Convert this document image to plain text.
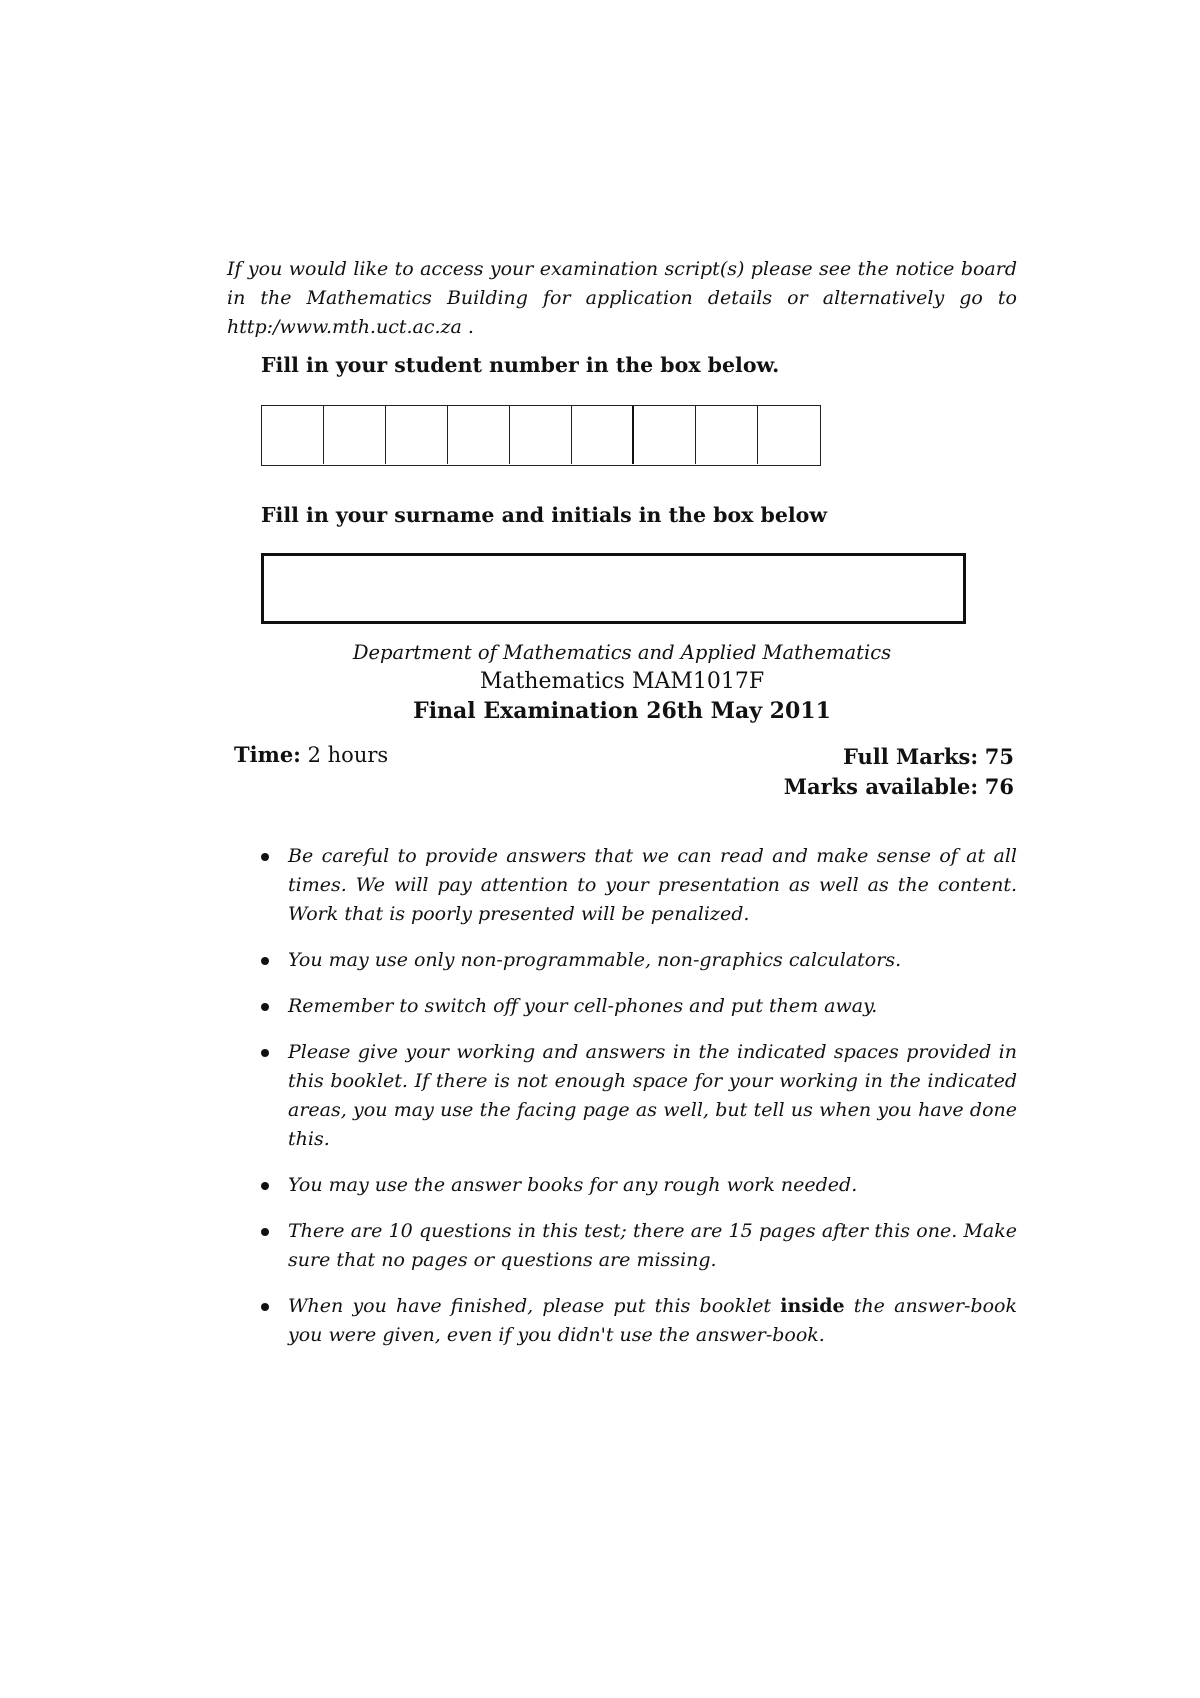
If you would like to access your examination script(s) please see the notice board in the Mathematics Building for application details or alternatively go to http:/www.mth.uct.ac.za .

Fill in your student number in the box below.

Fill in your surname and initials in the box below

Department of Mathematics and Applied Mathematics

Mathematics MAM1017F

Final Examination 26th May 2011

Time: 2 hours	Full Marks: 75
Marks available: 76
Be careful to provide answers that we can read and make sense of at all times. We will pay attention to your presentation as well as the content. Work that is poorly presented will be penalized.
You may use only non-programmable, non-graphics calculators.
Remember to switch off your cell-phones and put them away.
Please give your working and answers in the indicated spaces provided in this booklet. If there is not enough space for your working in the indicated areas, you may use the facing page as well, but tell us when you have done this.
You may use the answer books for any rough work needed.
There are 10 questions in this test; there are 15 pages after this one. Make sure that no pages or questions are missing.
When you have finished, please put this booklet inside the answer-book you were given, even if you didn't use the answer-book.
